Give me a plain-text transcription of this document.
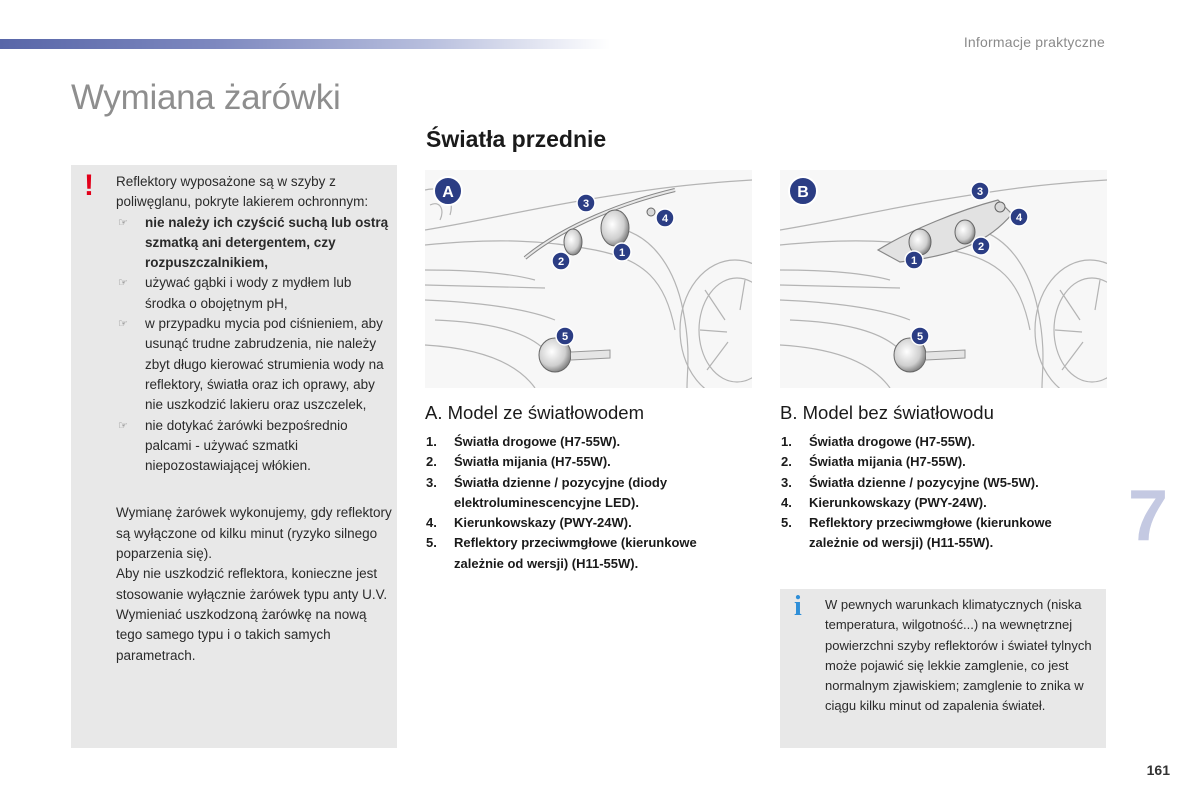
Informacje praktyczne
Wymiana żarówki
Światła przednie
! Reflektory wyposażone są w szyby z poliwęglanu, pokryte lakierem ochronnym:

☞ nie należy ich czyścić suchą lub ostrą szmatką ani detergentem, czy rozpuszczalnikiem,
☞ używać gąbki i wody z mydłem lub środka o obojętnym pH,
☞ w przypadku mycia pod ciśnieniem, aby usunąć trudne zabrudzenia, nie należy zbyt długo kierować strumienia wody na reflektory, światła oraz ich oprawy, aby nie uszkodzić lakieru oraz uszczelek,
☞ nie dotykać żarówki bezpośrednio palcami - używać szmatki niepozostawiającej włókien.

Wymianę żarówek wykonujemy, gdy reflektory są wyłączone od kilku minut (ryzyko silnego poparzenia się).

Aby nie uszkodzić reflektora, konieczne jest stosowanie wyłącznie żarówek typu anty U.V.

Wymieniać uszkodzoną żarówkę na nową tego samego typu i o takich samych parametrach.

A
1
2
3
4
5
B
1
2
3
4
5
A. Model ze światłowodem	B. Model bez światłowodu
1. Światła drogowe (H7-55W).
2. Światła mijania (H7-55W).
3. Światła dzienne / pozycyjne (diody elektroluminescencyjne LED).
4. Kierunkowskazy (PWY-24W).
5. Reflektory przeciwmgłowe (kierunkowe zależnie od wersji) (H11-55W).
1. Światła drogowe (H7-55W).
2. Światła mijania (H7-55W).
3. Światła dzienne / pozycyjne (W5-5W).
4. Kierunkowskazy (PWY-24W).
5. Reflektory przeciwmgłowe (kierunkowe zależnie od wersji) (H11-55W).
i W pewnych warunkach klimatycznych (niska temperatura, wilgotność...) na wewnętrznej powierzchni szyby reflektorów i świateł tylnych może pojawić się lekkie zamglenie, co jest normalnym zjawiskiem; zamglenie to znika w ciągu kilku minut od zapalenia świateł.

7
161
